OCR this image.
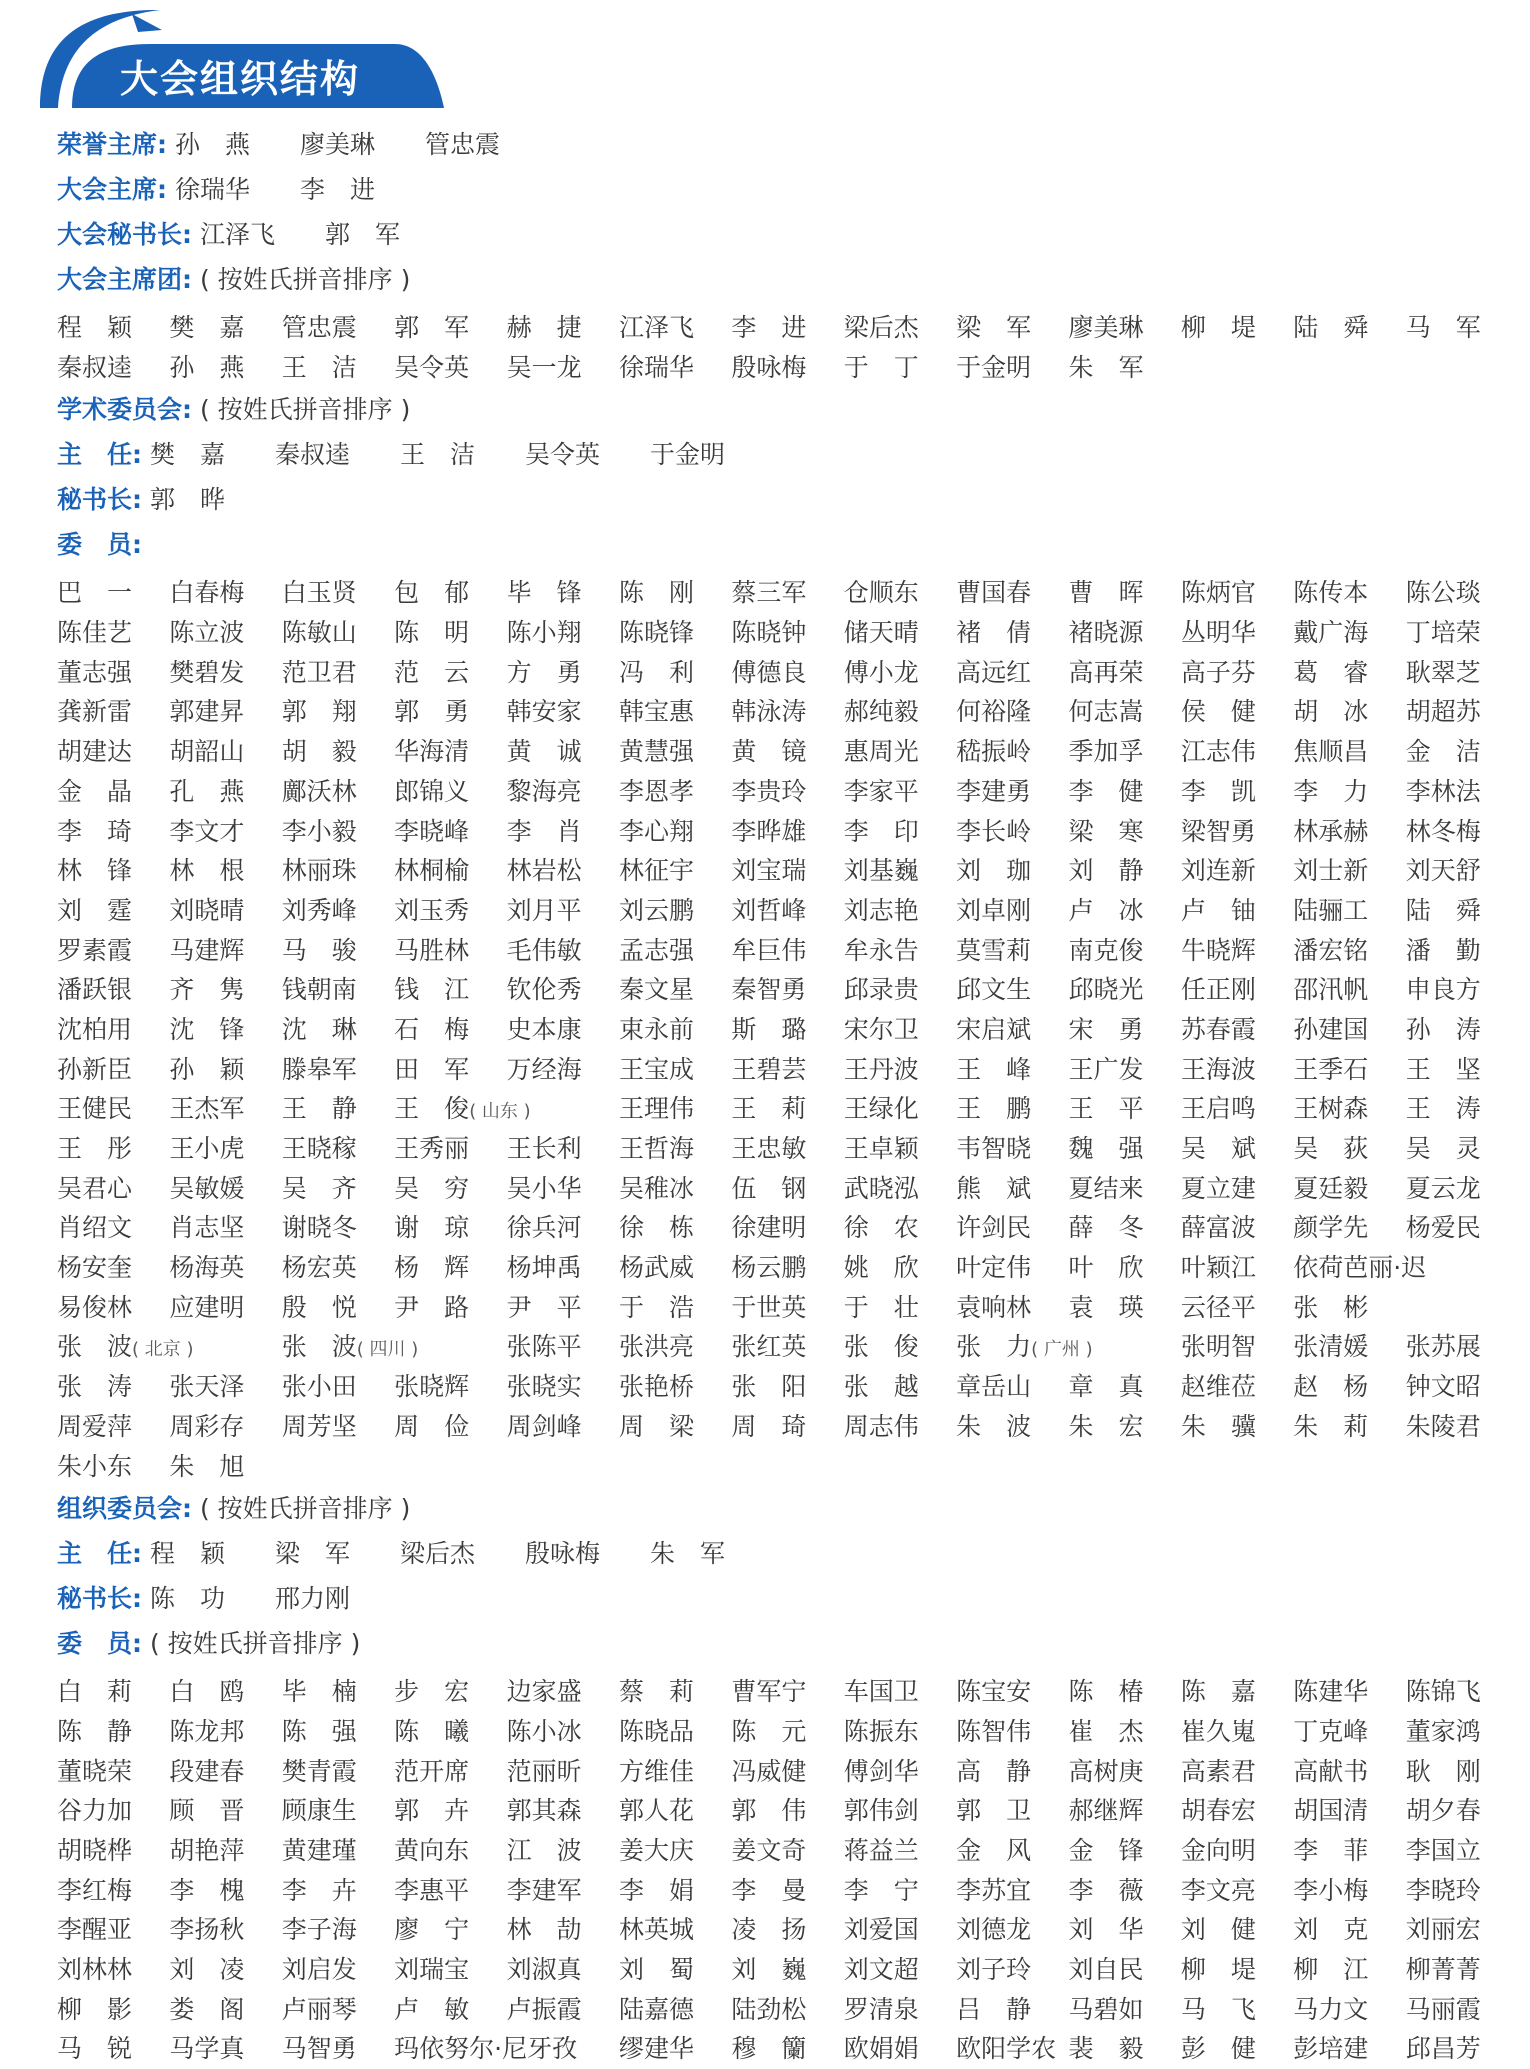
大会组织结构
荣誉主席: 孙　燕　　廖美琳　　管忠震
大会主席: 徐瑞华　　李　进
大会秘书长: 江泽飞　　郭　军
大会主席团: ( 按姓氏拼音排序 )
程　颖	樊　嘉	管忠震	郭　军	赫　捷	江泽飞	李　进	梁后杰	梁　军	廖美琳	柳　堤	陆　舜	马　军
秦叔逵	孙　燕	王　洁	吴令英	吴一龙	徐瑞华	殷咏梅	于　丁	于金明	朱　军
学术委员会: ( 按姓氏拼音排序 )
主　任: 樊　嘉　　秦叔逵　　王　洁　　吴令英　　于金明
秘书长: 郭　晔
委　员:
巴　一	白春梅	白玉贤	包　郁	毕　锋	陈　刚	蔡三军	仓顺东	曹国春	曹　晖	陈炳官	陈传本	陈公琰
陈佳艺	陈立波	陈敏山	陈　明	陈小翔	陈晓锋	陈晓钟	储天晴	褚　倩	褚晓源	丛明华	戴广海	丁培荣
董志强	樊碧发	范卫君	范　云	方　勇	冯　利	傅德良	傅小龙	高远红	高再荣	高子芬	葛　睿	耿翠芝
龚新雷	郭建昇	郭　翔	郭　勇	韩安家	韩宝惠	韩泳涛	郝纯毅	何裕隆	何志嵩	侯　健	胡　冰	胡超苏
胡建达	胡韶山	胡　毅	华海清	黄　诚	黄慧强	黄　镜	惠周光	嵇振岭	季加孚	江志伟	焦顺昌	金　洁
金　晶	孔　燕	鄺沃林	郎锦义	黎海亮	李恩孝	李贵玲	李家平	李建勇	李　健	李　凯	李　力	李林法
李　琦	李文才	李小毅	李晓峰	李　肖	李心翔	李晔雄	李　印	李长岭	梁　寒	梁智勇	林承赫	林冬梅
林　锋	林　根	林丽珠	林桐榆	林岩松	林征宇	刘宝瑞	刘基巍	刘　珈	刘　静	刘连新	刘士新	刘天舒
刘　霆	刘晓晴	刘秀峰	刘玉秀	刘月平	刘云鹏	刘哲峰	刘志艳	刘卓刚	卢　冰	卢　铀	陆骊工	陆　舜
罗素霞	马建辉	马　骏	马胜林	毛伟敏	孟志强	牟巨伟	牟永告	莫雪莉	南克俊	牛晓辉	潘宏铭	潘　勤
潘跃银	齐　隽	钱朝南	钱　江	钦伦秀	秦文星	秦智勇	邱录贵	邱文生	邱晓光	任正刚	邵汛帆	申良方
沈柏用	沈　锋	沈　琳	石　梅	史本康	束永前	斯　璐	宋尔卫	宋启斌	宋　勇	苏春霞	孙建国	孙　涛
孙新臣	孙　颖	滕皋军	田　军	万经海	王宝成	王碧芸	王丹波	王　峰	王广发	王海波	王季石	王　坚
王健民	王杰军	王　静	王　俊( 山东 )	王理伟	王　莉	王绿化	王　鹏	王　平	王启鸣	王树森	王　涛
王　彤	王小虎	王晓稼	王秀丽	王长利	王哲海	王忠敏	王卓颖	韦智晓	魏　强	吴　斌	吴　荻	吴　灵
吴君心	吴敏媛	吴　齐	吴　穷	吴小华	吴稚冰	伍　钢	武晓泓	熊　斌	夏结来	夏立建	夏廷毅	夏云龙
肖绍文	肖志坚	谢晓冬	谢　琼	徐兵河	徐　栋	徐建明	徐　农	许剑民	薛　冬	薛富波	颜学先	杨爱民
杨安奎	杨海英	杨宏英	杨　辉	杨坤禹	杨武威	杨云鹏	姚　欣	叶定伟	叶　欣	叶颖江	依荷芭丽·迟
易俊林	应建明	殷　悦	尹　路	尹　平	于　浩	于世英	于　壮	袁响林	袁　瑛	云径平	张　彬
张　波( 北京 )	张　波( 四川 )	张陈平	张洪亮	张红英	张　俊	张　力( 广州 )	张明智	张清媛	张苏展
张　涛	张天泽	张小田	张晓辉	张晓实	张艳桥	张　阳	张　越	章岳山	章　真	赵维莅	赵　杨	钟文昭
周爱萍	周彩存	周芳坚	周　俭	周剑峰	周　梁	周　琦	周志伟	朱　波	朱　宏	朱　骥	朱　莉	朱陵君
朱小东	朱　旭
组织委员会: ( 按姓氏拼音排序 )
主　任: 程　颖　　梁　军　　梁后杰　　殷咏梅　　朱　军
秘书长: 陈　功　　邢力刚
委　员: ( 按姓氏拼音排序 )
白　莉	白　鸥	毕　楠	步　宏	边家盛	蔡　莉	曹军宁	车国卫	陈宝安	陈　椿	陈　嘉	陈建华	陈锦飞
陈　静	陈龙邦	陈　强	陈　曦	陈小冰	陈晓品	陈　元	陈振东	陈智伟	崔　杰	崔久嵬	丁克峰	董家鸿
董晓荣	段建春	樊青霞	范开席	范丽昕	方维佳	冯威健	傅剑华	高　静	高树庚	高素君	高献书	耿　刚
谷力加	顾　晋	顾康生	郭　卉	郭其森	郭人花	郭　伟	郭伟剑	郭　卫	郝继辉	胡春宏	胡国清	胡夕春
胡晓桦	胡艳萍	黄建瑾	黄向东	江　波	姜大庆	姜文奇	蒋益兰	金　风	金　锋	金向明	李　菲	李国立
李红梅	李　槐	李　卉	李惠平	李建军	李　娟	李　曼	李　宁	李苏宜	李　薇	李文亮	李小梅	李晓玲
李醒亚	李扬秋	李子海	廖　宁	林　劼	林英城	凌　扬	刘爱国	刘德龙	刘　华	刘　健	刘　克	刘丽宏
刘林林	刘　凌	刘启发	刘瑞宝	刘淑真	刘　蜀	刘　巍	刘文超	刘子玲	刘自民	柳　堤	柳　江	柳菁菁
柳　影	娄　阁	卢丽琴	卢　敏	卢振霞	陆嘉德	陆劲松	罗清泉	吕　静	马碧如	马　飞	马力文	马丽霞
马　锐	马学真	马智勇	玛依努尔·尼牙孜 缪建华	穆　籣	欧娟娟	欧阳学农 裴　毅	彭　健	彭培建	邱昌芳
